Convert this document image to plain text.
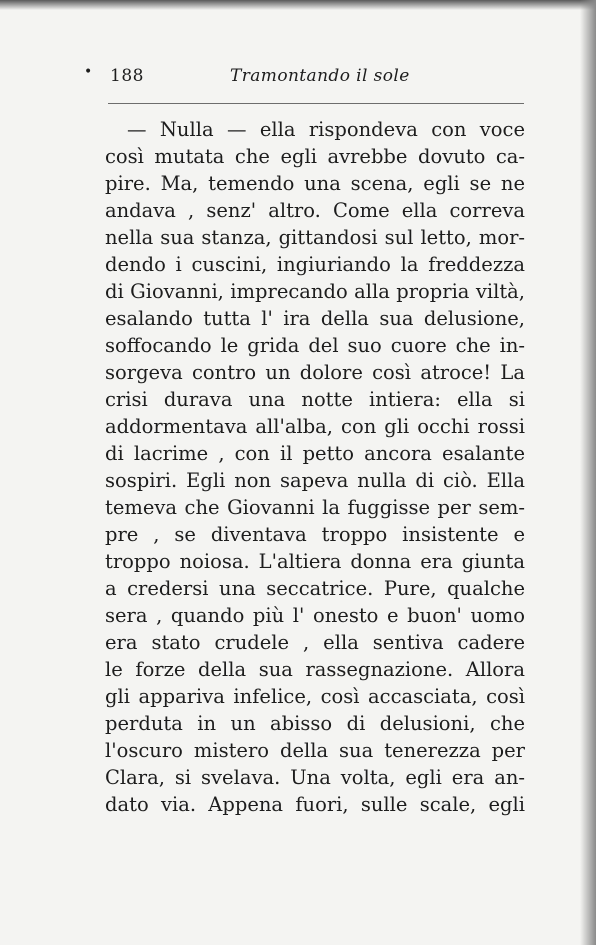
• 188	Tramontando il sole
— Nulla — ella rispondeva con voce
così mutata che egli avrebbe dovuto ca-
pire. Ma, temendo una scena, egli se ne
andava , senz' altro. Come ella correva
nella sua stanza, gittandosi sul letto, mor-
dendo i cuscini, ingiuriando la freddezza
di Giovanni, imprecando alla propria viltà,
esalando tutta l' ira della sua delusione,
soffocando le grida del suo cuore che in-
sorgeva contro un dolore così atroce! La
crisi durava una notte intiera: ella si
addormentava all'alba, con gli occhi rossi
di lacrime , con il petto ancora esalante
sospiri. Egli non sapeva nulla di ciò. Ella
temeva che Giovanni la fuggisse per sem-
pre , se diventava troppo insistente e
troppo noiosa. L'altiera donna era giunta
a credersi una seccatrice. Pure, qualche
sera , quando più l' onesto e buon' uomo
era stato crudele , ella sentiva cadere
le forze della sua rassegnazione. Allora
gli appariva infelice, così accasciata, così
perduta in un abisso di delusioni, che
l'oscuro mistero della sua tenerezza per
Clara, si svelava. Una volta, egli era an-
dato via. Appena fuori, sulle scale, egli
